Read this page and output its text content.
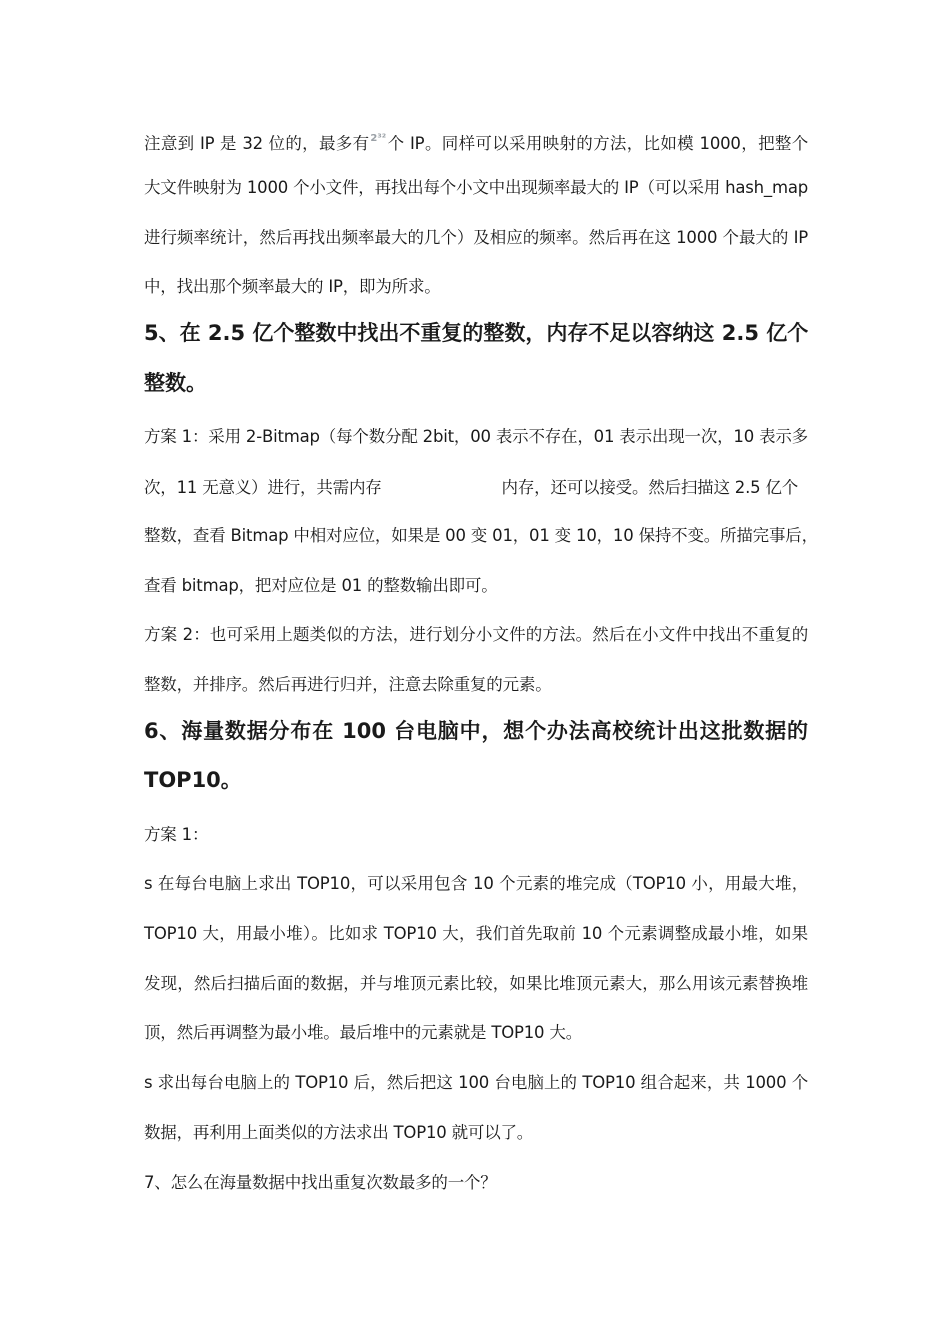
注意到 IP 是 32 位的，最多有2³²个 IP。同样可以采用映射的方法，比如模 1000，把整个
大文件映射为 1000 个小文件，再找出每个小文中出现频率最大的 IP（可以采用 hash_map
进行频率统计，然后再找出频率最大的几个）及相应的频率。然后再在这 1000 个最大的 IP
中，找出那个频率最大的 IP，即为所求。
5、在 2.5 亿个整数中找出不重复的整数，内存不足以容纳这 2.5 亿个
整数。
方案 1：采用 2-Bitmap（每个数分配 2bit，00 表示不存在，01 表示出现一次，10 表示多
次，11 无意义）进行，共需内存	内存，还可以接受。然后扫描这 2.5 亿个
整数，查看 Bitmap 中相对应位，如果是 00 变 01，01 变 10，10 保持不变。所描完事后，
查看 bitmap，把对应位是 01 的整数输出即可。
方案 2：也可采用上题类似的方法，进行划分小文件的方法。然后在小文件中找出不重复的
整数，并排序。然后再进行归并，注意去除重复的元素。
6、海量数据分布在 100 台电脑中，想个办法高校统计出这批数据的
TOP10。
方案 1：
s 在每台电脑上求出 TOP10，可以采用包含 10 个元素的堆完成（TOP10 小，用最大堆，
TOP10 大，用最小堆）。比如求 TOP10 大，我们首先取前 10 个元素调整成最小堆，如果
发现，然后扫描后面的数据，并与堆顶元素比较，如果比堆顶元素大，那么用该元素替换堆
顶，然后再调整为最小堆。最后堆中的元素就是 TOP10 大。
s 求出每台电脑上的 TOP10 后，然后把这 100 台电脑上的 TOP10 组合起来，共 1000 个
数据，再利用上面类似的方法求出 TOP10 就可以了。
7、怎么在海量数据中找出重复次数最多的一个？
